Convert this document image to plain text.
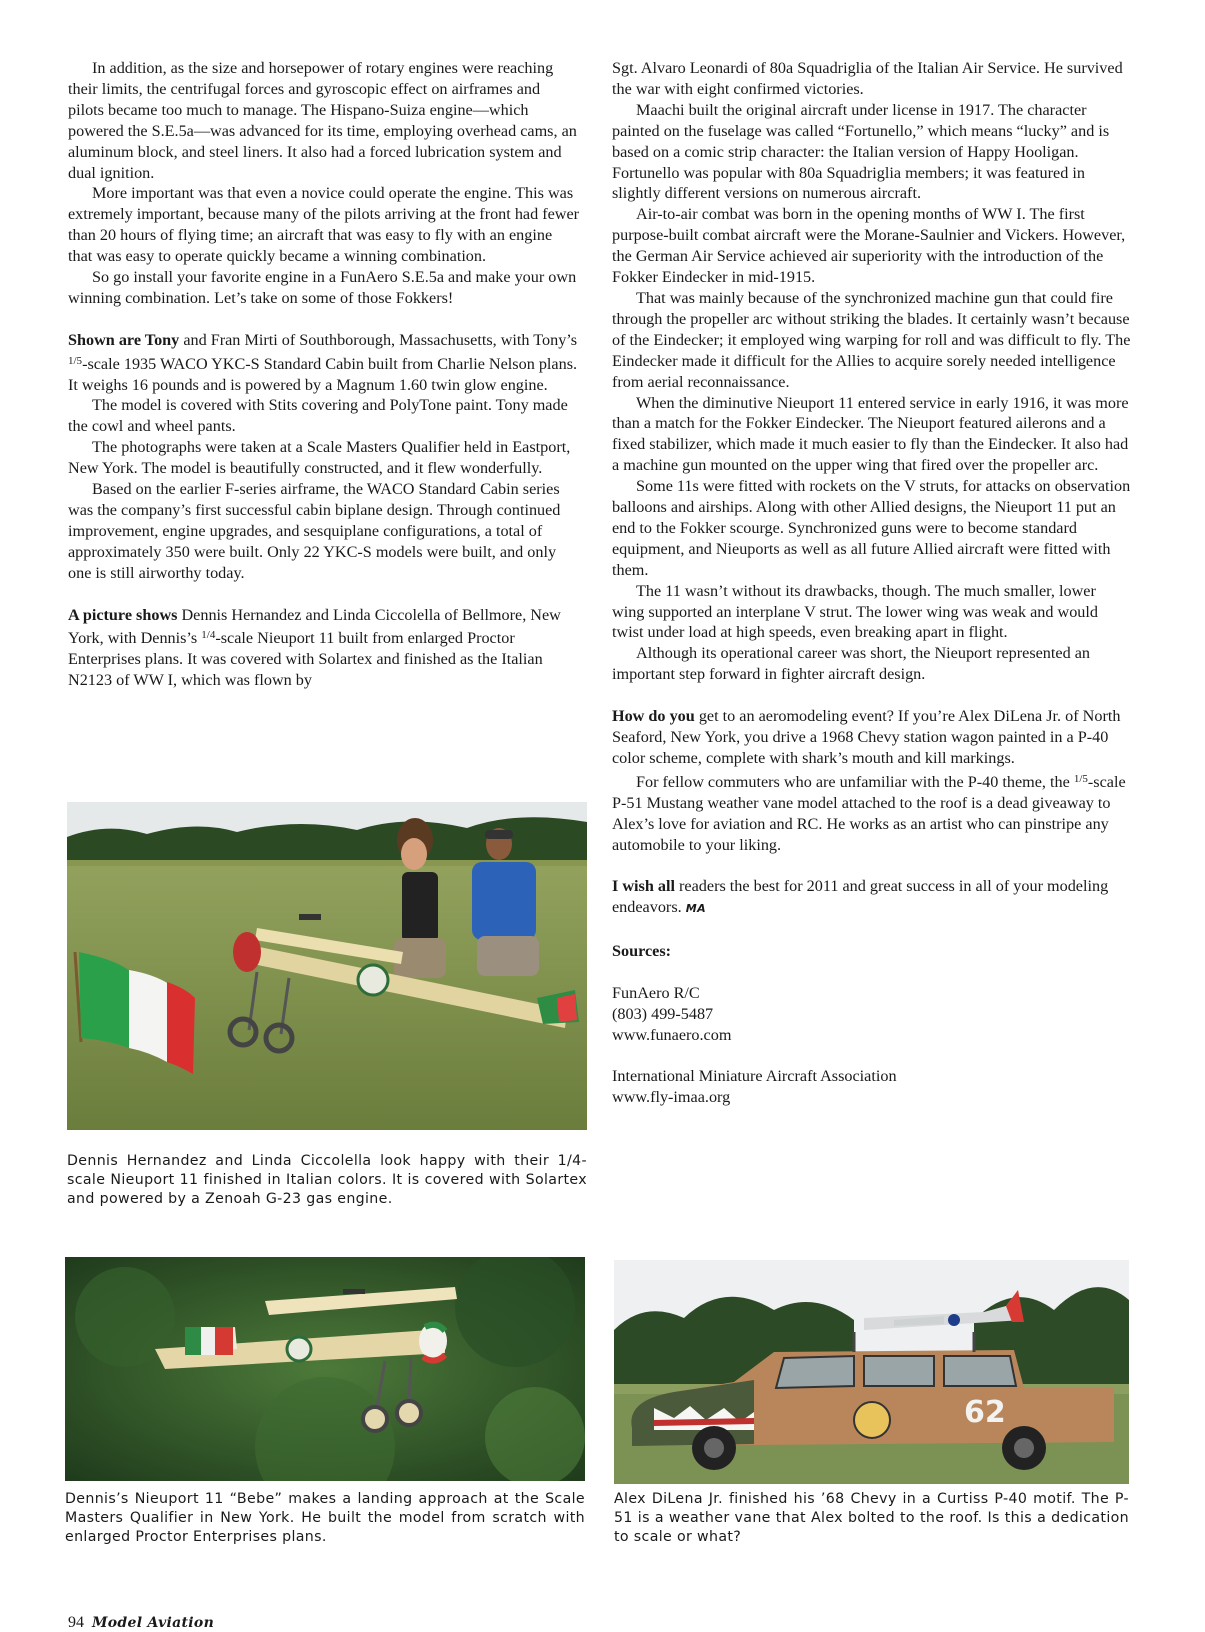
In addition, as the size and horsepower of rotary engines were reaching their limits, the centrifugal forces and gyroscopic effect on airframes and pilots became too much to manage. The Hispano-Suiza engine—which powered the S.E.5a—was advanced for its time, employing overhead cams, an aluminum block, and steel liners. It also had a forced lubrication system and dual ignition.

More important was that even a novice could operate the engine. This was extremely important, because many of the pilots arriving at the front had fewer than 20 hours of flying time; an aircraft that was easy to fly with an engine that was easy to operate quickly became a winning combination.

So go install your favorite engine in a FunAero S.E.5a and make your own winning combination. Let’s take on some of those Fokkers!

Shown are Tony and Fran Mirti of Southborough, Massachusetts, with Tony’s $^{1/5}$-scale 1935 WACO YKC-S Standard Cabin built from Charlie Nelson plans. It weighs 16 pounds and is powered by a Magnum 1.60 twin glow engine.

The model is covered with Stits covering and PolyTone paint. Tony made the cowl and wheel pants.

The photographs were taken at a Scale Masters Qualifier held in Eastport, New York. The model is beautifully constructed, and it flew wonderfully.

Based on the earlier F-series airframe, the WACO Standard Cabin series was the company’s first successful cabin biplane design. Through continued improvement, engine upgrades, and sesquiplane configurations, a total of approximately 350 were built. Only 22 YKC-S models were built, and only one is still airworthy today.

A picture shows Dennis Hernandez and Linda Ciccolella of Bellmore, New York, with Dennis’s $^{1/4}$-scale Nieuport 11 built from enlarged Proctor Enterprises plans. It was covered with Solartex and finished as the Italian N2123 of WW I, which was flown by

Sgt. Alvaro Leonardi of 80a Squadriglia of the Italian Air Service. He survived the war with eight confirmed victories.

Maachi built the original aircraft under license in 1917. The character painted on the fuselage was called “Fortunello,” which means “lucky” and is based on a comic strip character: the Italian version of Happy Hooligan. Fortunello was popular with 80a Squadriglia members; it was featured in slightly different versions on numerous aircraft.

Air-to-air combat was born in the opening months of WW I. The first purpose-built combat aircraft were the Morane-Saulnier and Vickers. However, the German Air Service achieved air superiority with the introduction of the Fokker Eindecker in mid-1915.

That was mainly because of the synchronized machine gun that could fire through the propeller arc without striking the blades. It certainly wasn’t because of the Eindecker; it employed wing warping for roll and was difficult to fly. The Eindecker made it difficult for the Allies to acquire sorely needed intelligence from aerial reconnaissance.

When the diminutive Nieuport 11 entered service in early 1916, it was more than a match for the Fokker Eindecker. The Nieuport featured ailerons and a fixed stabilizer, which made it much easier to fly than the Eindecker. It also had a machine gun mounted on the upper wing that fired over the propeller arc.

Some 11s were fitted with rockets on the V struts, for attacks on observation balloons and airships. Along with other Allied designs, the Nieuport 11 put an end to the Fokker scourge. Synchronized guns were to become standard equipment, and Nieuports as well as all future Allied aircraft were fitted with them.

The 11 wasn’t without its drawbacks, though. The much smaller, lower wing supported an interplane V strut. The lower wing was weak and would twist under load at high speeds, even breaking apart in flight.

Although its operational career was short, the Nieuport represented an important step forward in fighter aircraft design.

How do you get to an aeromodeling event? If you’re Alex DiLena Jr. of North Seaford, New York, you drive a 1968 Chevy station wagon painted in a P-40 color scheme, complete with shark’s mouth and kill markings.

For fellow commuters who are unfamiliar with the P-40 theme, the $^{1/5}$-scale P-51 Mustang weather vane model attached to the roof is a dead giveaway to Alex’s love for aviation and RC. He works as an artist who can pinstripe any automobile to your liking.

I wish all readers the best for 2011 and great success in all of your modeling endeavors. MA

Sources:

FunAero R/C

(803) 499-5487

www.funaero.com

International Miniature Aircraft Association

www.fly-imaa.org

Dennis Hernandez and Linda Ciccolella look happy with their 1/4-scale Nieuport 11 finished in Italian colors. It is covered with Solartex and powered by a Zenoah G-23 gas engine.
Dennis’s Nieuport 11 “Bebe” makes a landing approach at the Scale Masters Qualifier in New York. He built the model from scratch with enlarged Proctor Enterprises plans.
62
Alex DiLena Jr. finished his ’68 Chevy in a Curtiss P-40 motif. The P-51 is a weather vane that Alex bolted to the roof. Is this a dedication to scale or what?
94 Model Aviation
